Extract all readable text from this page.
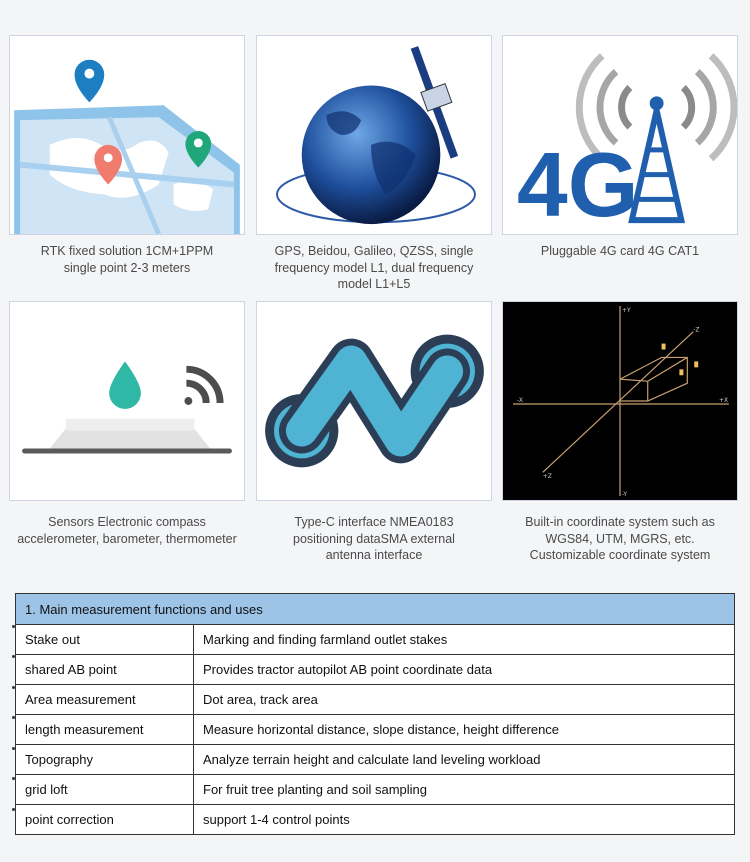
RTK fixed solution 1CM+1PPM
single point 2-3 meters
GPS, Beidou, Galileo, QZSS, single
frequency model L1, dual frequency
model L1+L5
4G
Pluggable 4G card 4G CAT1
Sensors Electronic compass
accelerometer, barometer, thermometer
Type-C interface NMEA0183
positioning dataSMA external
antenna interface
-X	+X
+Y
-Y
+Z
-Z
Built-in coordinate system such as
WGS84, UTM, MGRS, etc.
Customizable coordinate system
1. Main measurement functions and uses	
Stake out	Marking and finding farmland outlet stakes
shared AB point	Provides tractor autopilot AB point coordinate data
Area measurement	Dot area, track area
length measurement	Measure horizontal distance, slope distance, height difference
Topography	Analyze terrain height and calculate land leveling workload
grid loft	For fruit tree planting and soil sampling
point correction	support 1-4 control points
